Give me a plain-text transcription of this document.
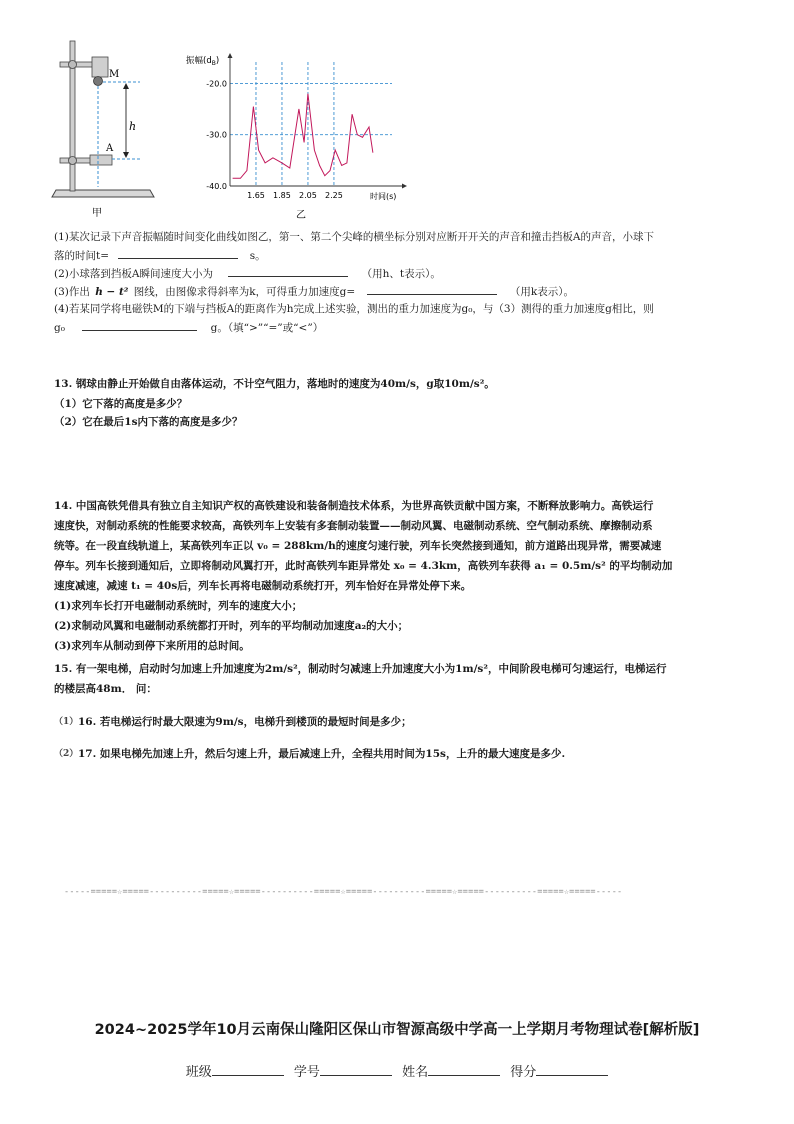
M
A
h
甲
振幅$(d_B)$
-20.0
-30.0
-40.0
1.65 1.85 2.05 2.25	时间(s)
乙
(1)某次记录下声音振幅随时间变化曲线如图乙，第一、第二个尖峰的横坐标分别对应断开开关的声音和撞击挡板A的声音，小球下
落的时间t=	s。
(2)小球落到挡板A瞬间速度大小为	（用h、t表示）。
(3)作出 h − t² 图线，由图像求得斜率为k，可得重力加速度g=	（用k表示）。
(4)若某同学将电磁铁M的下端与挡板A的距离作为h完成上述实验，测出的重力加速度为g₀，与（3）测得的重力加速度g相比，则
g₀	g。（填“>”“=”或“<”）
13. 钢球由静止开始做自由落体运动，不计空气阻力，落地时的速度为40m/s，g取10m/s²。
（1）它下落的高度是多少？
（2）它在最后1s内下落的高度是多少？
14. 中国高铁凭借具有独立自主知识产权的高铁建设和装备制造技术体系，为世界高铁贡献中国方案，不断释放影响力。高铁运行
速度快，对制动系统的性能要求较高，高铁列车上安装有多套制动装置——制动风翼、电磁制动系统、空气制动系统、摩擦制动系
统等。在一段直线轨道上，某高铁列车正以 v₀ = 288km/h的速度匀速行驶，列车长突然接到通知，前方道路出现异常，需要减速
停车。列车长接到通知后，立即将制动风翼打开，此时高铁列车距异常处 x₀ = 4.3km，高铁列车获得 a₁ = 0.5m/s² 的平均制动加
速度减速，减速 t₁ = 40s后，列车长再将电磁制动系统打开，列车恰好在异常处停下来。
(1)求列车长打开电磁制动系统时，列车的速度大小；
(2)求制动风翼和电磁制动系统都打开时，列车的平均制动加速度a₂的大小；
(3)求列车从制动到停下来所用的总时间。
15. 有一架电梯，启动时匀加速上升加速度为2m/s²，制动时匀减速上升加速度大小为1m/s²，中间阶段电梯可匀速运行，电梯运行
的楼层高48m． 问：
（1）16. 若电梯运行时最大限速为9m/s，电梯升到楼顶的最短时间是多少；
（2）17. 如果电梯先加速上升，然后匀速上升，最后减速上升，全程共用时间为15s，上升的最大速度是多少.
-----=====☆=====----------=====☆=====----------=====☆=====----------=====☆=====----------=====☆=====-----
2024~2025学年10月云南保山隆阳区保山市智源高级中学高一上学期月考物理试卷[解析版]
班级	学号	姓名	得分
